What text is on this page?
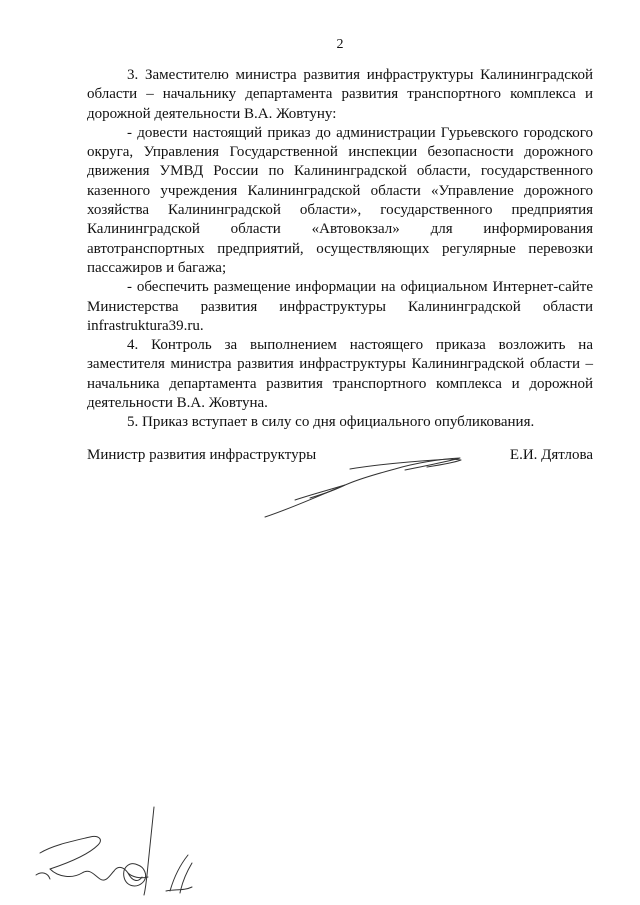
2

3. Заместителю министра развития инфраструктуры Калининградской области – начальнику департамента развития транспортного комплекса и дорожной деятельности В.А. Жовтуну:

- довести настоящий приказ до администрации Гурьевского городского округа, Управления Государственной инспекции безопасности дорожного движения УМВД России по Калининградской области, государственного казенного учреждения Калининградской области «Управление дорожного хозяйства Калининградской области», государственного предприятия Калининградской области «Автовокзал» для информирования автотранспортных предприятий, осуществляющих регулярные перевозки пассажиров и багажа;

- обеспечить размещение информации на официальном Интернет-сайте Министерства развития инфраструктуры Калининградской области infrastruktura39.ru.

4. Контроль за выполнением настоящего приказа возложить на заместителя министра развития инфраструктуры Калининградской области – начальника департамента развития транспортного комплекса и дорожной деятельности В.А. Жовтуна.

5. Приказ вступает в силу со дня официального опубликования.

Министр развития инфраструктуры	Е.И. Дятлова
